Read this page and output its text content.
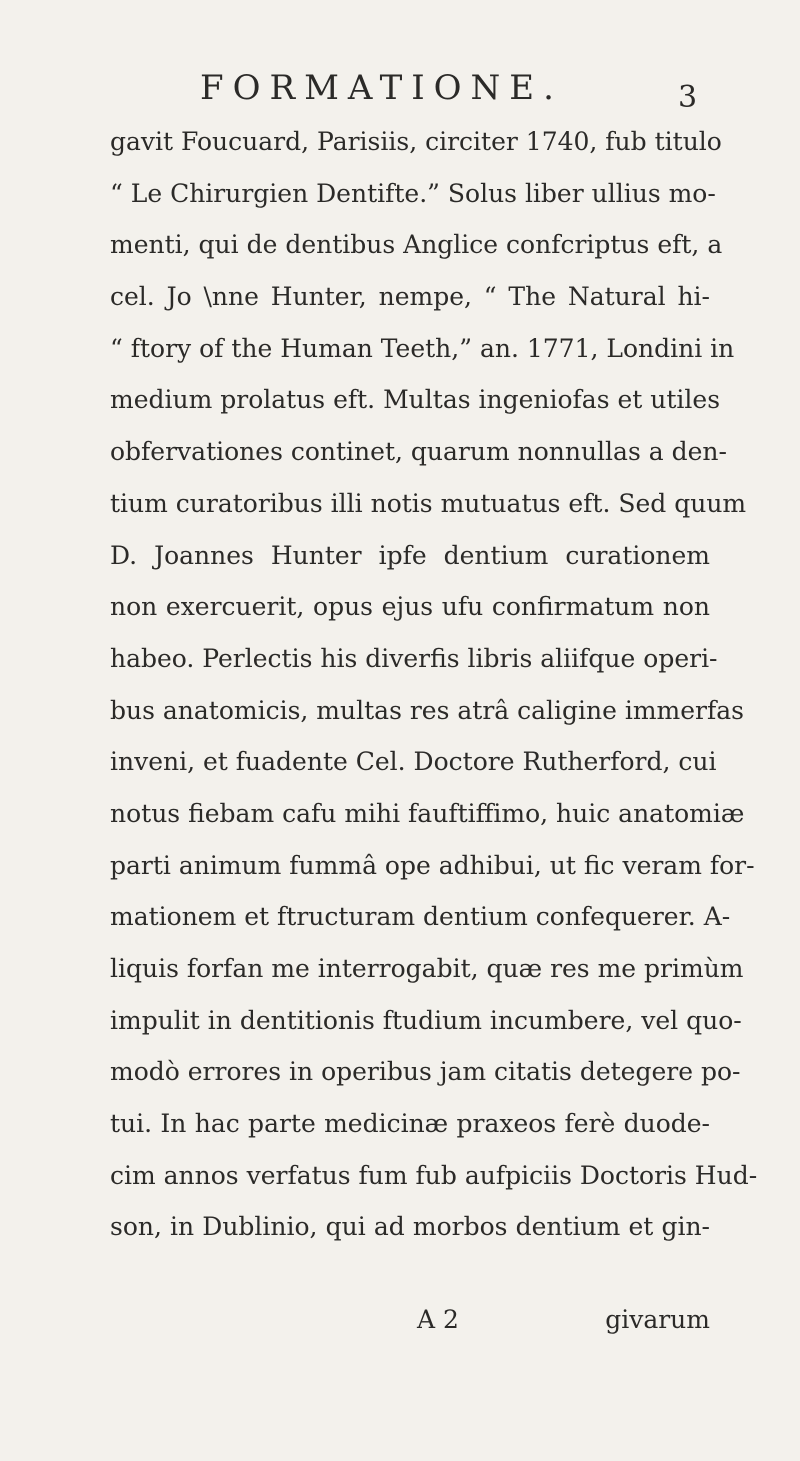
FORMATIONE.	3
gavit Foucuard, Parisiis, circiter 1740, fub titulo
“ Le Chirurgien Dentifte.” Solus liber ullius mo-
menti, qui de dentibus Anglice confcriptus eft, a
cel. Jo \nne Hunter, nempe, “ The Natural hi-
“ ftory of the Human Teeth,” an. 1771, Londini in
medium prolatus eft. Multas ingeniofas et utiles
obfervationes continet, quarum nonnullas a den-
tium curatoribus illi notis mutuatus eft. Sed quum
D. Joannes Hunter ipfe dentium curationem
non exercuerit, opus ejus ufu confirmatum non
habeo. Perlectis his diverfis libris aliifque operi-
bus anatomicis, multas res atrâ caligine immerfas
inveni, et fuadente Cel. Doctore Rutherford, cui
notus fiebam cafu mihi fauftiffimo, huic anatomiæ
parti animum fummâ ope adhibui, ut fic veram for-
mationem et ftructuram dentium confequerer. A-
liquis forfan me interrogabit, quæ res me primùm
impulit in dentitionis ftudium incumbere, vel quo-
modò errores in operibus jam citatis detegere po-
tui. In hac parte medicinæ praxeos ferè duode-
cim annos verfatus fum fub aufpiciis Doctoris Hud-
son, in Dublinio, qui ad morbos dentium et gin-
A 2	givarum
